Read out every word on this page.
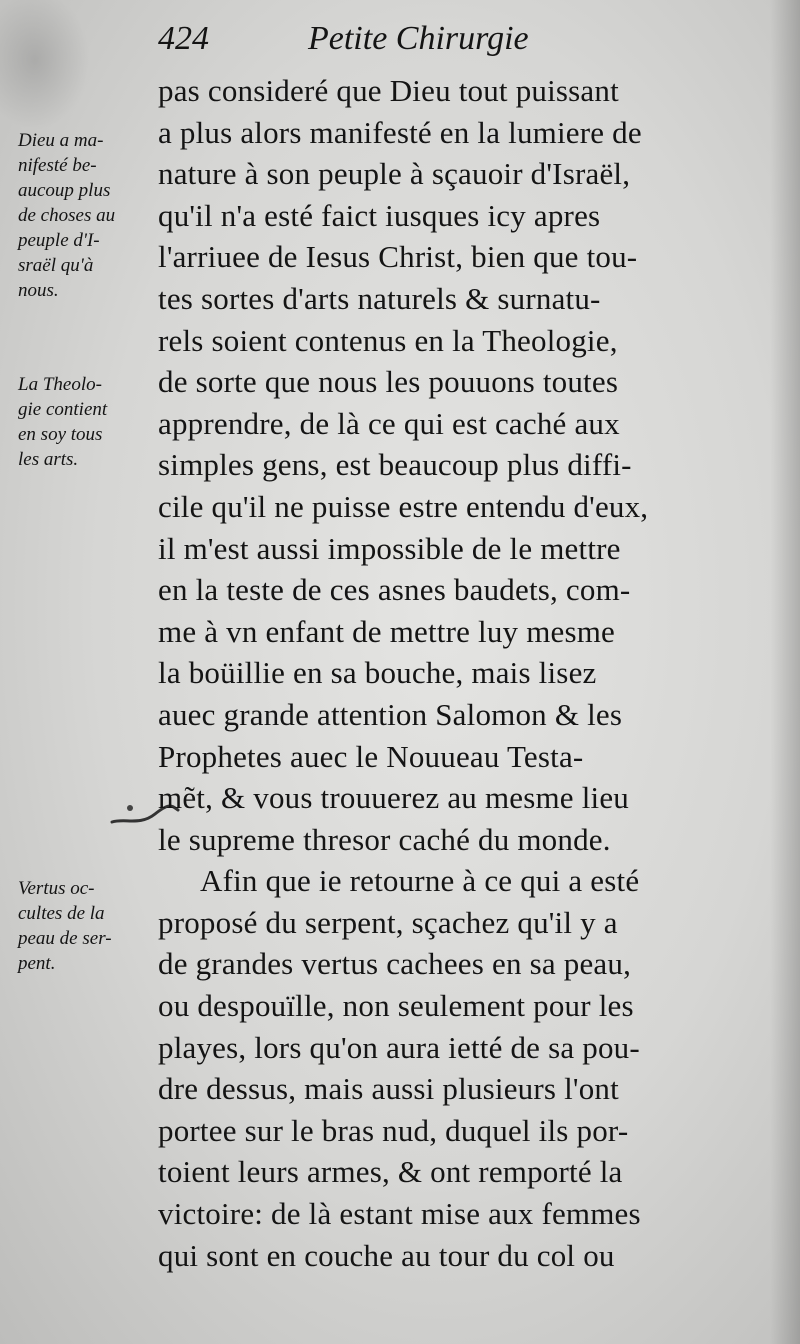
424	Petite Chirurgie
Dieu a ma-
nifesté be-
aucoup plus
de choses au
peuple d'I-
sraël qu'à
nous.
La Theolo-
gie contient
en soy tous
les arts.
Vertus oc-
cultes de la
peau de ser-
pent.
pas consideré que Dieu tout puissant
a plus alors manifesté en la lumiere de
nature à son peuple à sçauoir d'Israël,
qu'il n'a esté faict iusques icy apres
l'arriuee de Iesus Christ, bien que tou-
tes sortes d'arts naturels & surnatu-
rels soient contenus en la Theologie,
de sorte que nous les pouuons toutes
apprendre, de là ce qui est caché aux
simples gens, est beaucoup plus diffi-
cile qu'il ne puisse estre entendu d'eux,
il m'est aussi impossible de le mettre
en la teste de ces asnes baudets, com-
me à vn enfant de mettre luy mesme
la boüillie en sa bouche, mais lisez
auec grande attention Salomon & les
Prophetes auec le Nouueau Testa-
mẽt, & vous trouuerez au mesme lieu
le supreme thresor caché du monde.
Afin que ie retourne à ce qui a esté
proposé du serpent, sçachez qu'il y a
de grandes vertus cachees en sa peau,
ou despouïlle, non seulement pour les
playes, lors qu'on aura ietté de sa pou-
dre dessus, mais aussi plusieurs l'ont
portee sur le bras nud, duquel ils por-
toient leurs armes, & ont remporté la
victoire: de là estant mise aux femmes
qui sont en couche au tour du col ou
